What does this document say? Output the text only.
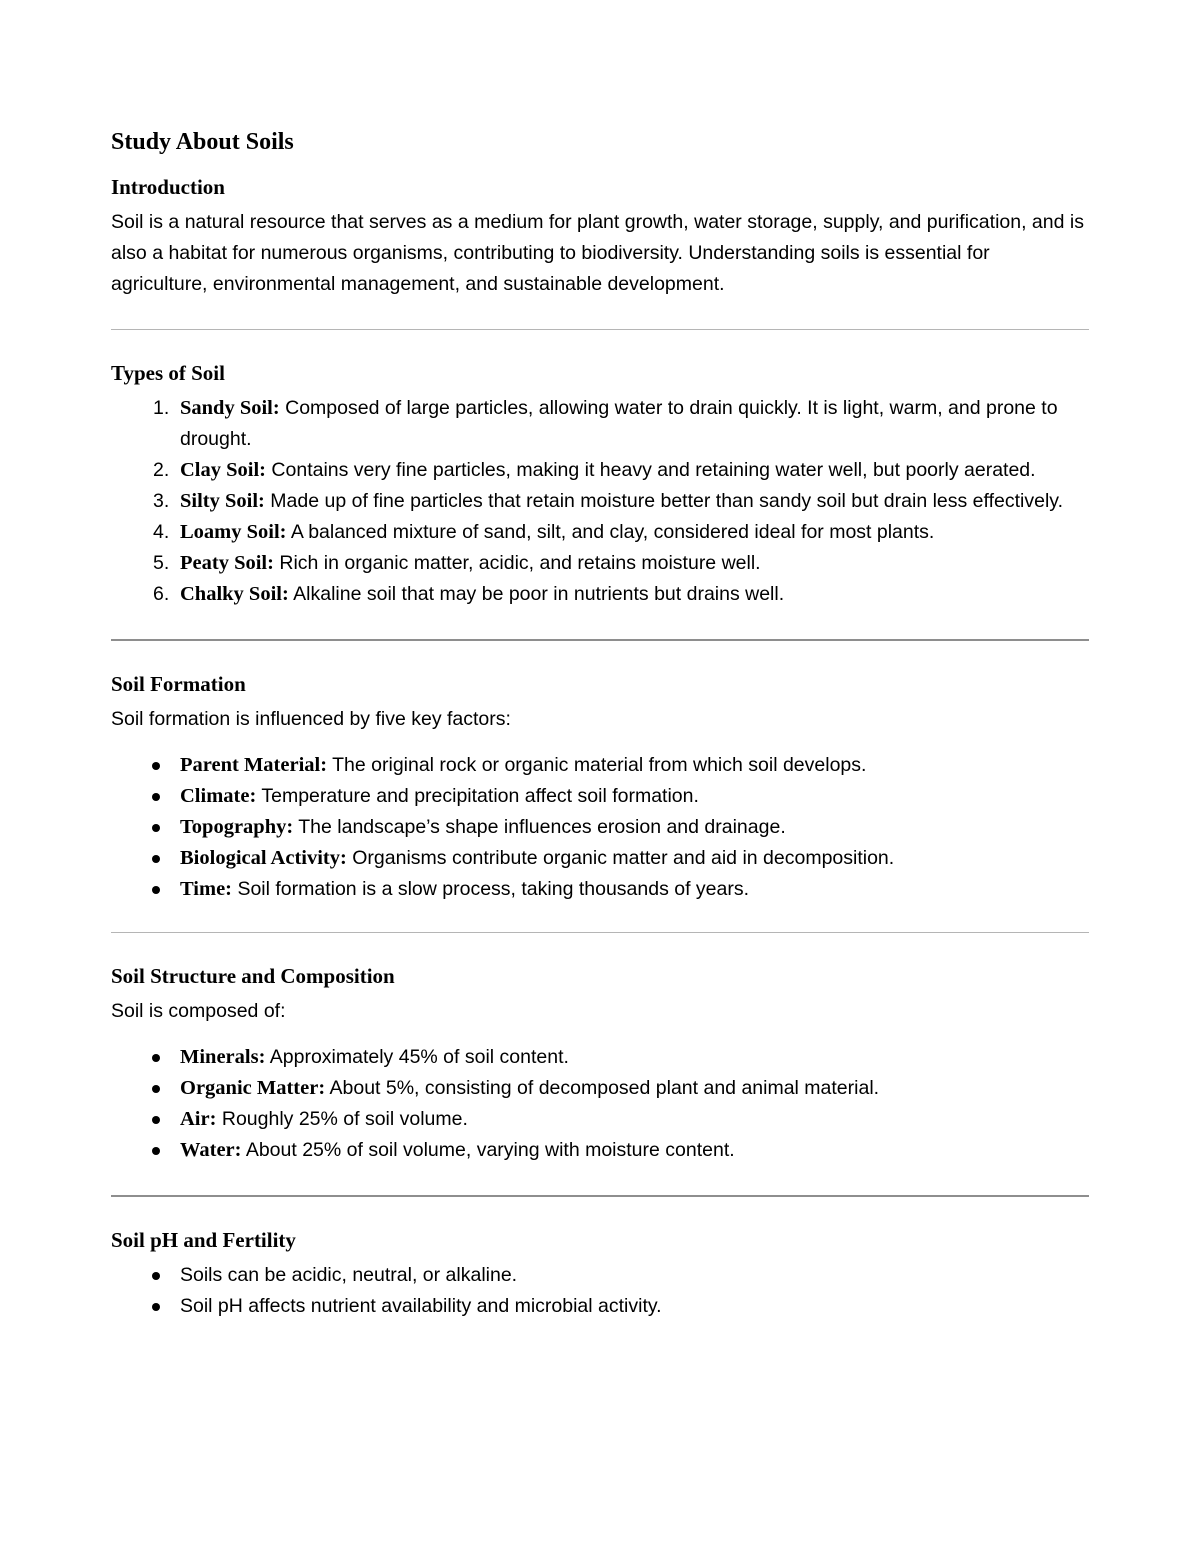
Study About Soils
Introduction

Soil is a natural resource that serves as a medium for plant growth, water storage, supply, and purification, and is also a habitat for numerous organisms, contributing to biodiversity. Understanding soils is essential for agriculture, environmental management, and sustainable development.

Types of Soil
1. Sandy Soil: Composed of large particles, allowing water to drain quickly. It is light, warm, and prone to drought.
2. Clay Soil: Contains very fine particles, making it heavy and retaining water well, but poorly aerated.
3. Silty Soil: Made up of fine particles that retain moisture better than sandy soil but drain less effectively.
4. Loamy Soil: A balanced mixture of sand, silt, and clay, considered ideal for most plants.
5. Peaty Soil: Rich in organic matter, acidic, and retains moisture well.
6. Chalky Soil: Alkaline soil that may be poor in nutrients but drains well.
Soil Formation

Soil formation is influenced by five key factors:

Parent Material: The original rock or organic material from which soil develops.
Climate: Temperature and precipitation affect soil formation.
Topography: The landscape’s shape influences erosion and drainage.
Biological Activity: Organisms contribute organic matter and aid in decomposition.
Time: Soil formation is a slow process, taking thousands of years.
Soil Structure and Composition

Soil is composed of:

Minerals: Approximately 45% of soil content.
Organic Matter: About 5%, consisting of decomposed plant and animal material.
Air: Roughly 25% of soil volume.
Water: About 25% of soil volume, varying with moisture content.
Soil pH and Fertility
Soils can be acidic, neutral, or alkaline.
Soil pH affects nutrient availability and microbial activity.
